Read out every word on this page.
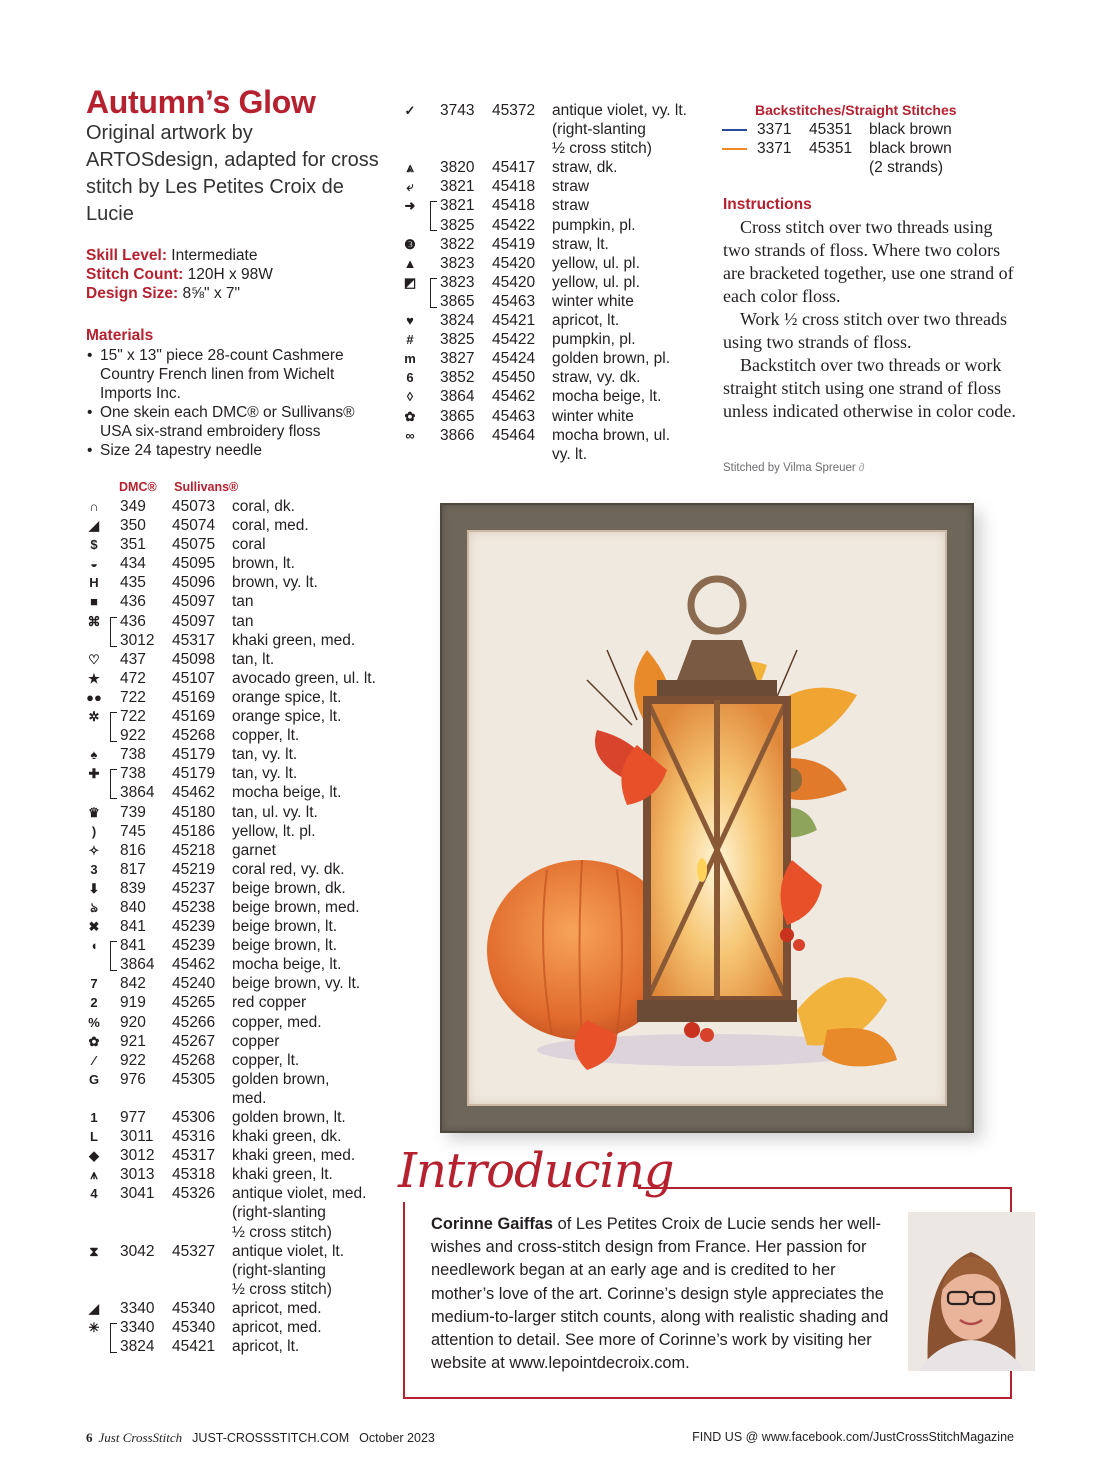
Autumn’s Glow
Original artwork by ARTOSdesign, adapted for cross stitch by Les Petites Croix de Lucie
Skill Level: Intermediate
Stitch Count: 120H x 98W
Design Size: 8⅝" x 7"
Materials
• 15" x 13" piece 28-count Cashmere Country French linen from Wichelt Imports Inc.
• One skein each DMC® or Sullivans® USA six-strand embroidery floss
• Size 24 tapestry needle
DMC® Sullivans®
∩ 349 45073 coral, dk.
◢ 350 45074 coral, med.
$ 351 45075 coral
◒ 434 45095 brown, lt.
H 435 45096 brown, vy. lt.
■ 436 45097 tan
⌘ 436 45097 tan
3012 45317 khaki green, med.
♡ 437 45098 tan, lt.
★ 472 45107 avocado green, ul. lt.
●● 722 45169 orange spice, lt.
✲ 722 45169 orange spice, lt.
922 45268 copper, lt.
♠ 738 45179 tan, vy. lt.
✚ 738 45179 tan, vy. lt.
3864 45462 mocha beige, lt.
♛ 739 45180 tan, ul. vy. lt.
)	745 45186 yellow, lt. pl.
✧ 816 45218 garnet
3 817 45219 coral red, vy. dk.
⬇ 839 45237 beige brown, dk.
ঌ 840 45238 beige brown, med.
✖ 841 45239 beige brown, lt.
◖ 841 45239 beige brown, lt.
3864 45462 mocha beige, lt.
7 842 45240 beige brown, vy. lt.
2 919 45265 red copper
% 920 45266 copper, med.
✿ 921 45267 copper
⁄	922 45268 copper, lt.
G 976 45305 golden brown,
med.
1 977 45306 golden brown, lt.
L 3011 45316 khaki green, dk.
◆ 3012 45317 khaki green, med.
⩚ 3013 45318 khaki green, lt.
4 3041 45326 antique violet, med.
(right-slanting
½ cross stitch)
⧗ 3042 45327 antique violet, lt.
(right-slanting
½ cross stitch)
◢ 3340 45340 apricot, med.
✳ 3340 45340 apricot, med.
3824 45421 apricot, lt.
✓ 3743 45372 antique violet, vy. lt.
(right-slanting
½ cross stitch)
⩓ 3820 45417 straw, dk.
⤶ 3821 45418 straw
➜ 3821 45418 straw
3825 45422 pumpkin, pl.
❸ 3822 45419 straw, lt.
▲ 3823 45420 yellow, ul. pl.
◩ 3823 45420 yellow, ul. pl.
3865 45463 winter white
♥ 3824 45421 apricot, lt.
# 3825 45422 pumpkin, pl.
m 3827 45424 golden brown, pl.
6 3852 45450 straw, vy. dk.
◊	3864 45462 mocha beige, lt.
✿ 3865 45463 winter white
∞ 3866 45464 mocha brown, ul.
vy. lt.
Backstitches/Straight Stitches
3371 45351 black brown
3371 45351 black brown
(2 strands)
Instructions

Cross stitch over two threads using two strands of floss. Where two colors are bracketed together, use one strand of each color floss.

Work ½ cross stitch over two threads using two strands of floss.

Backstitch over two threads or work straight stitch using one strand of floss unless indicated otherwise in color code.

Stitched by Vilma Spreuer ∂
Introducing
Corinne Gaiffas of Les Petites Croix de Lucie sends her well-wishes and cross-stitch design from France. Her passion for needlework began at an early age and is credited to her mother’s love of the art. Corinne’s design style appreciates the medium-to-larger stitch counts, along with realistic shading and attention to detail. See more of Corinne’s work by visiting her website at www.lepointdecroix.com.
6 Just CrossStitch JUST-CROSSSTITCH.COM October 2023	FIND US @ www.facebook.com/JustCrossStitchMagazine
